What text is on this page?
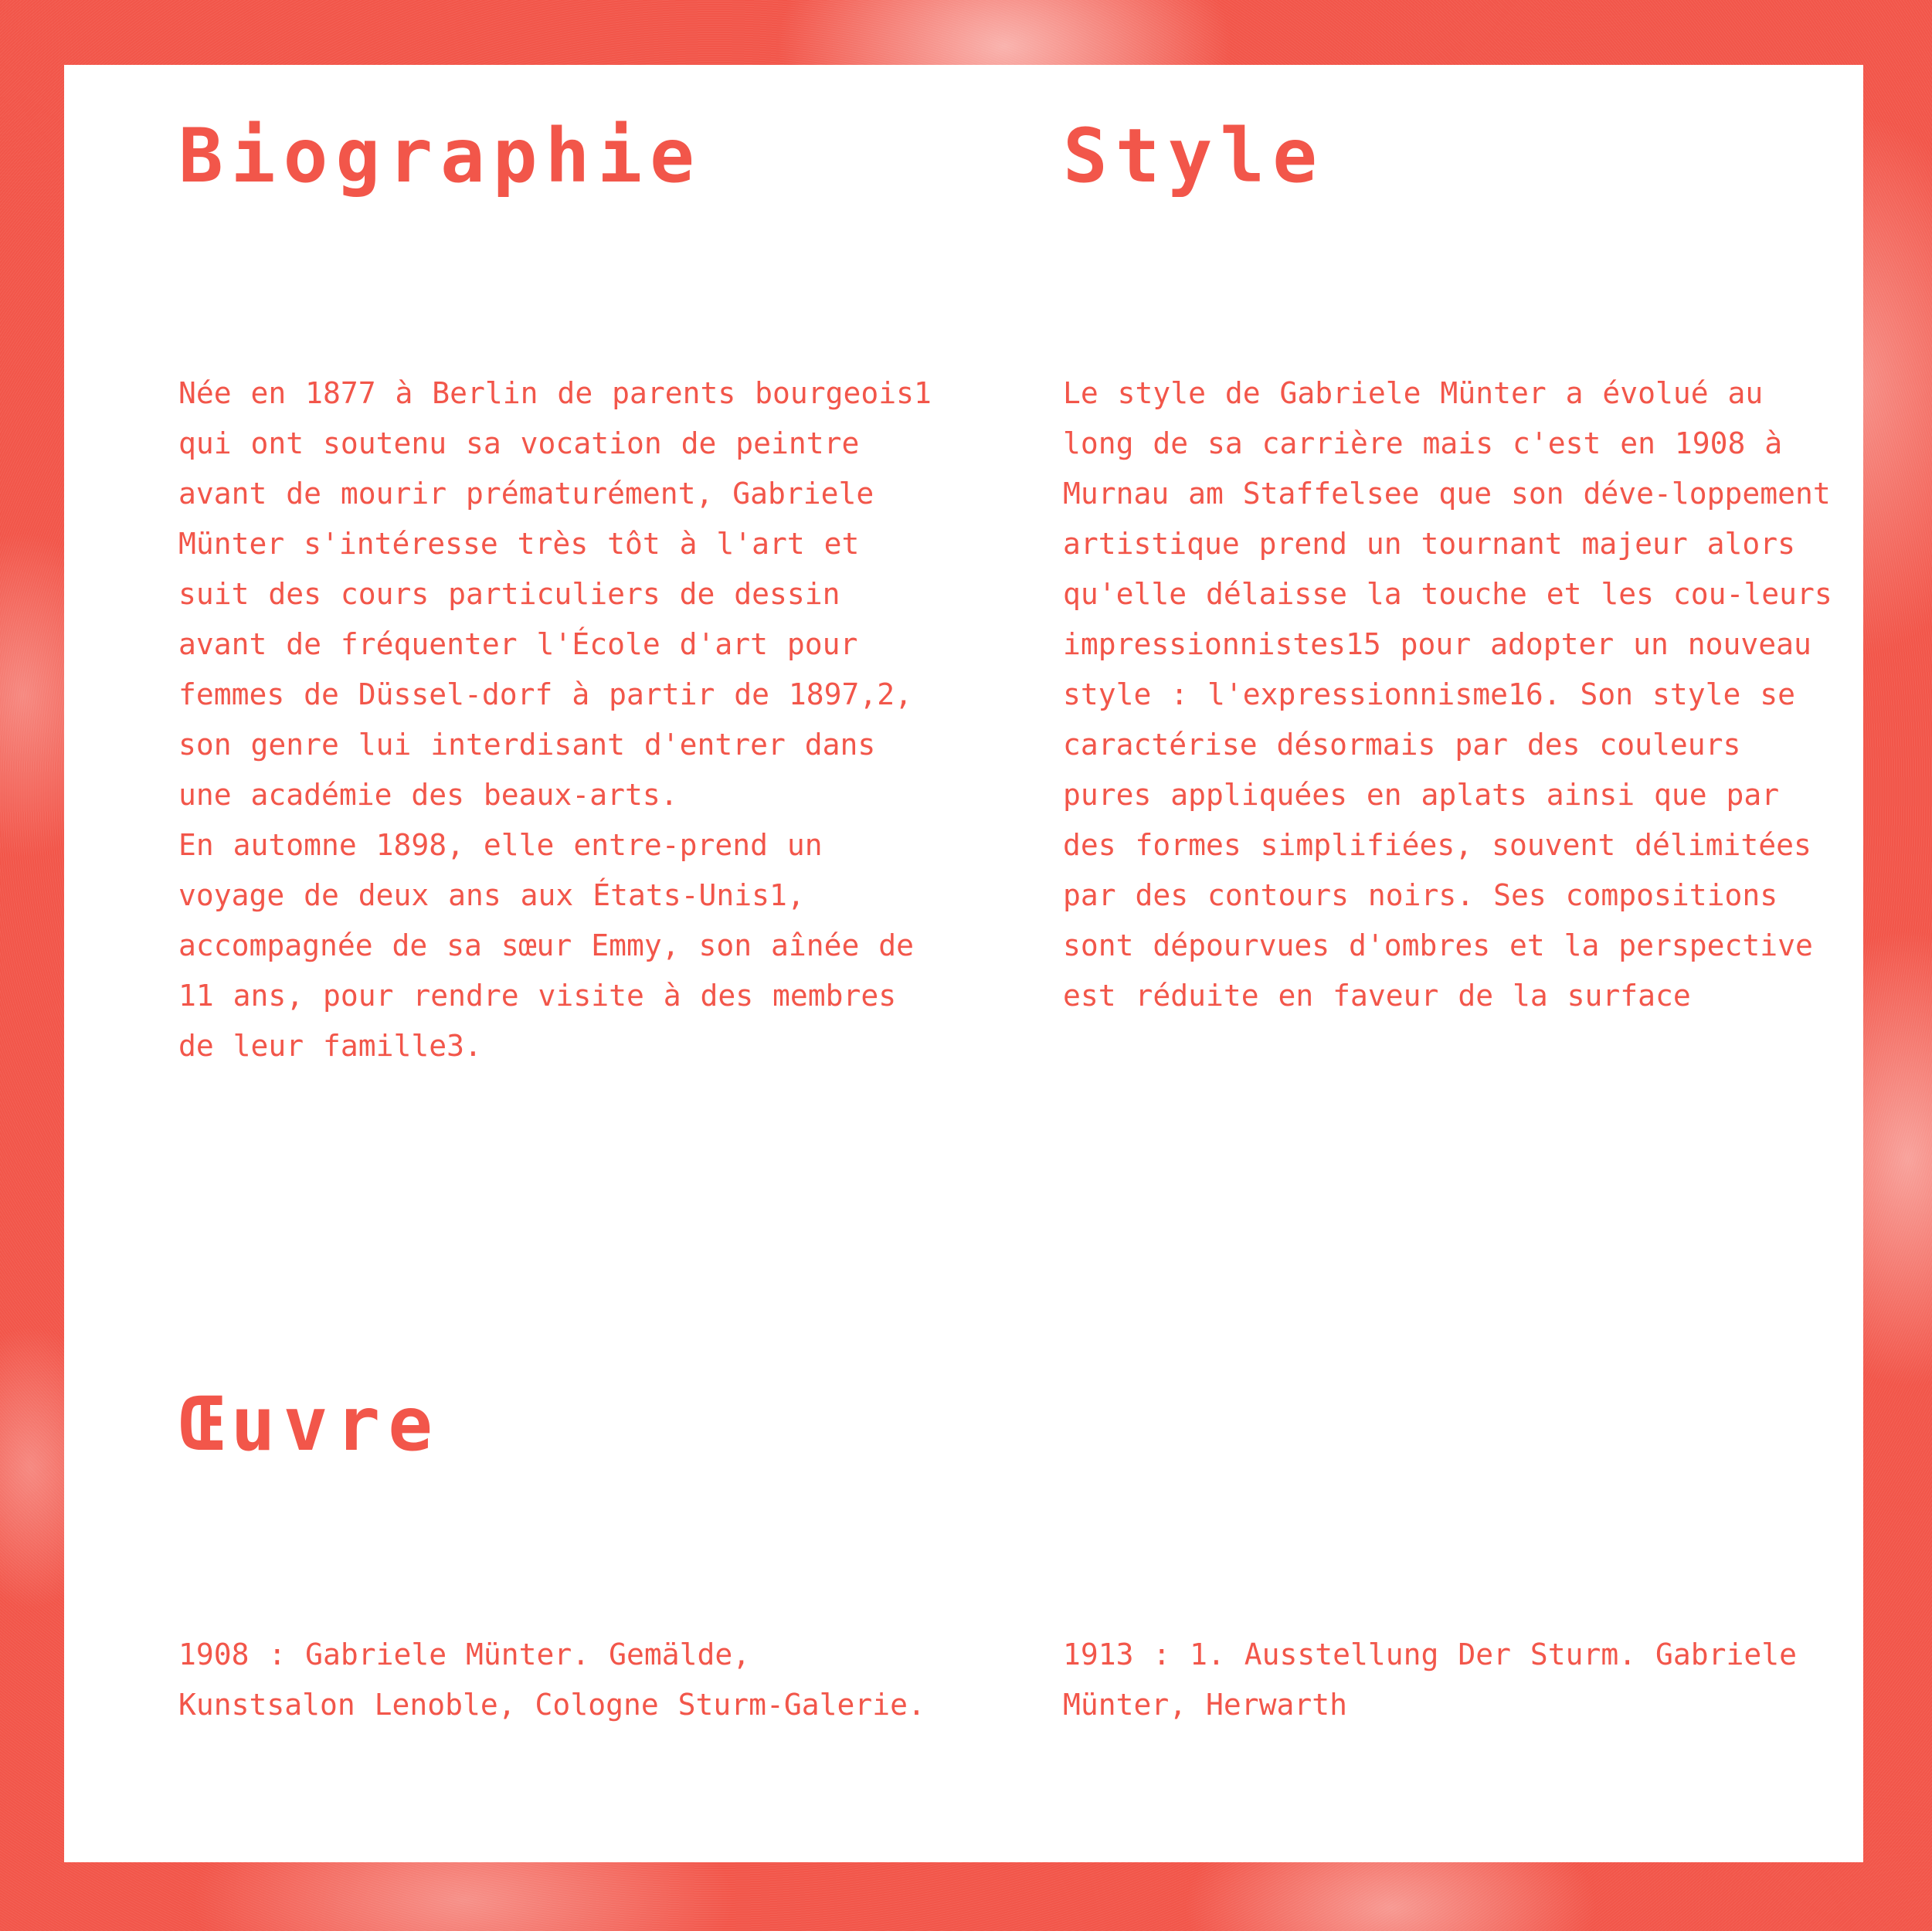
Biographie

Née en 1877 à Berlin de parents bourgeois1 qui ont soutenu sa vocation de peintre avant de mourir prématurément, Gabriele Münter s'intéresse très tôt à l'art et suit des cours particuliers de dessin avant de fréquenter l'École d'art pour femmes de Düssel-dorf à partir de 1897,2, son genre lui interdisant d'entrer dans une académie des beaux-arts.
En automne 1898, elle entre-prend un voyage de deux ans aux États-Unis1, accompagnée de sa sœur Emmy, son aînée de 11 ans, pour rendre visite à des membres de leur famille3.

Style

Le style de Gabriele Münter a évolué au long de sa carrière mais c'est en 1908 à Murnau am Staffelsee que son déve-loppement artistique prend un tournant majeur alors qu'elle délaisse la touche et les cou-leurs impressionnistes15 pour adopter un nouveau style : l'expressionnisme16. Son style se caractérise désormais par des couleurs pures appliquées en aplats ainsi que par des formes simplifiées, souvent délimitées par des contours noirs. Ses compositions sont dépourvues d'ombres et la perspective est réduite en faveur de la surface

Œuvre

1908 : Gabriele Münter. Gemälde, Kunstsalon Lenoble, Cologne Sturm-Galerie.

1913 : 1. Ausstellung Der Sturm. Gabriele Münter, Herwarth
